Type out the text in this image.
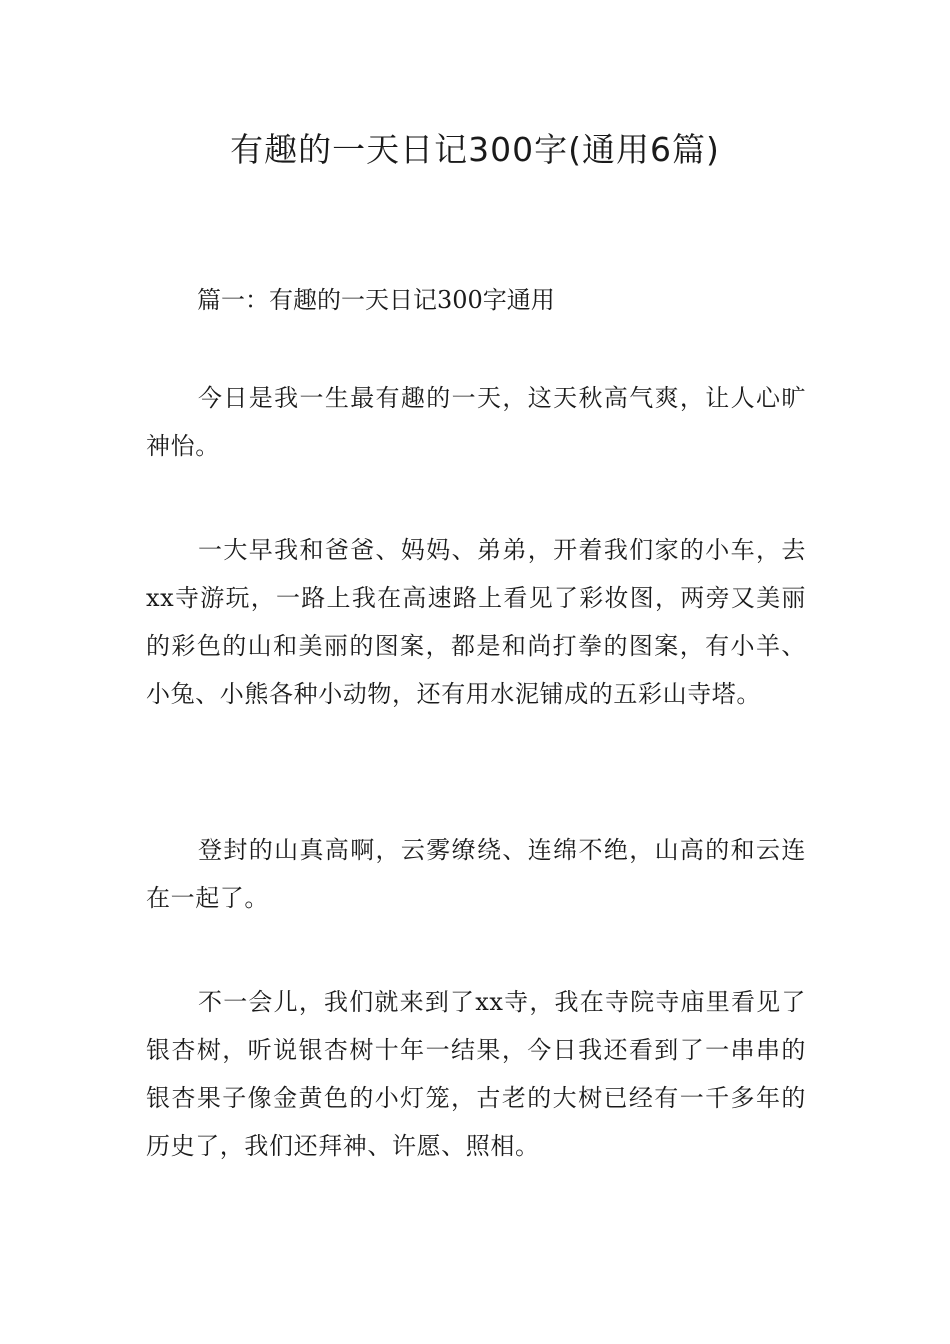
有趣的一天日记300字(通用6篇)
篇一：有趣的一天日记300字通用

今日是我一生最有趣的一天，这天秋高气爽，让人心旷神怡。

一大早我和爸爸、妈妈、弟弟，开着我们家的小车，去xx寺游玩，一路上我在高速路上看见了彩妆图，两旁又美丽的彩色的山和美丽的图案，都是和尚打拳的图案，有小羊、小兔、小熊各种小动物，还有用水泥铺成的五彩山寺塔。

登封的山真高啊，云雾缭绕、连绵不绝，山高的和云连在一起了。

不一会儿，我们就来到了xx寺，我在寺院寺庙里看见了银杏树，听说银杏树十年一结果，今日我还看到了一串串的银杏果子像金黄色的小灯笼，古老的大树已经有一千多年的历史了，我们还拜神、许愿、照相。
